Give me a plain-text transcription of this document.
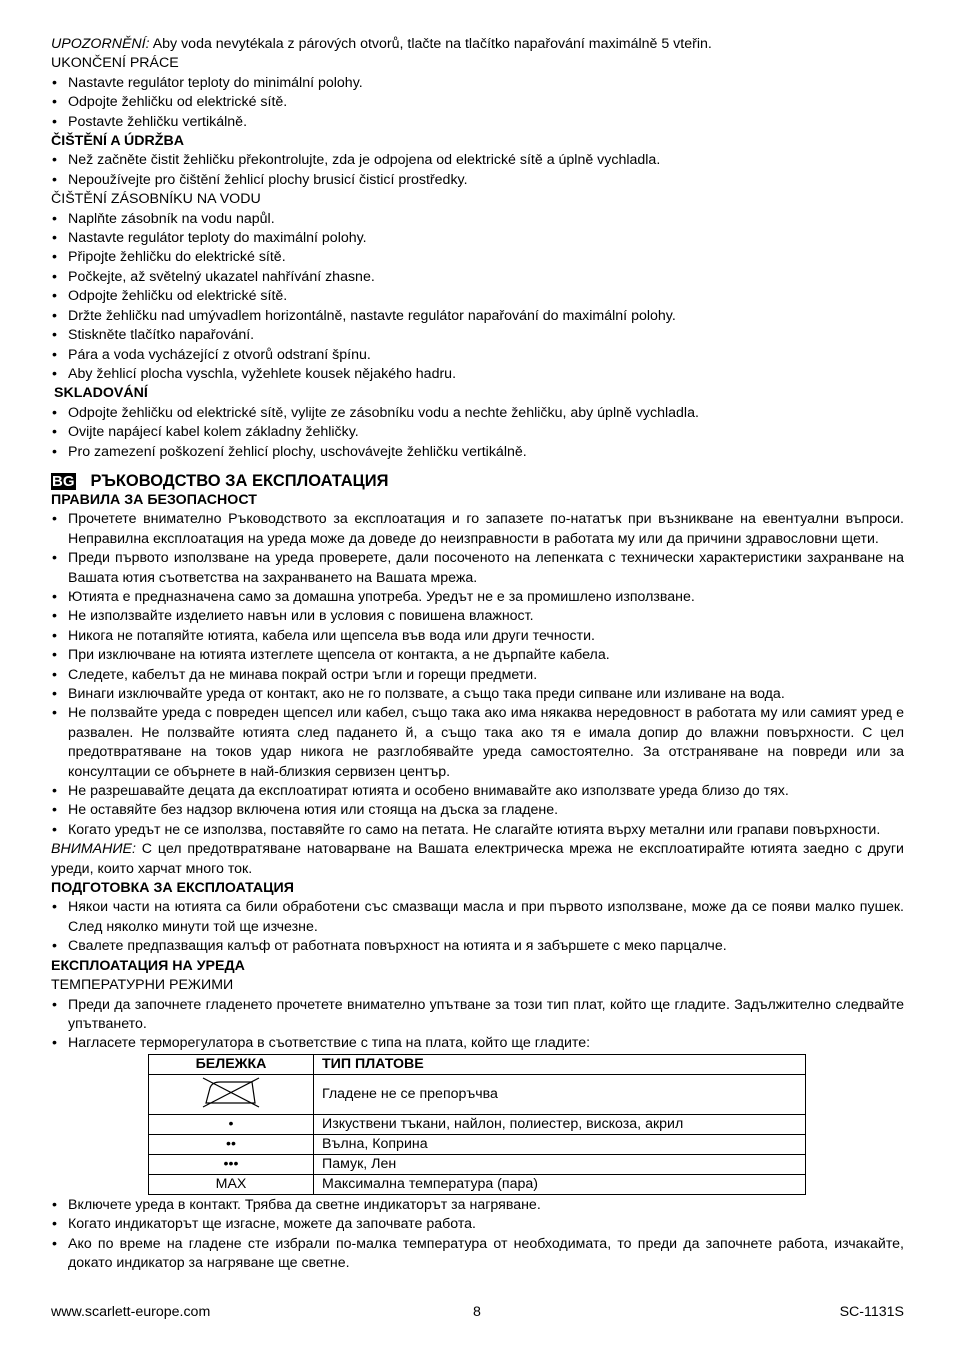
UPOZORNĚNÍ: Aby voda nevytékala z párových otvorů, tlačte na tlačítko napařování maximálně 5 vteřin.

UKONČENÍ PRÁCE

• Nastavte regulátor teploty do minimální polohy.
• Odpojte žehličku od elektrické sítě.
• Postavte žehličku vertikálně.

ČIŠTĚNÍ A ÚDRŽBA

• Než začněte čistit žehličku překontrolujte, zda je odpojena od elektrické sítě a úplně vychladla.
• Nepoužívejte pro čištění žehlicí plochy brusicí čisticí prostředky.

ČIŠTĚNÍ ZÁSOBNÍKU NA VODU

• Naplňte zásobník na vodu napůl.
• Nastavte regulátor teploty do maximální polohy.
• Připojte žehličku do elektrické sítě.
• Počkejte, až světelný ukazatel nahřívání zhasne.
• Odpojte žehličku od elektrické sítě.
• Držte žehličku nad umývadlem horizontálně, nastavte regulátor napařování do maximální polohy.
• Stiskněte tlačítko napařování.
• Pára a voda vycházející z otvorů odstraní špínu.
• Aby žehlicí plocha vyschla, vyžehlete kousek nějakého hadru.

SKLADOVÁNÍ

• Odpojte žehličku od elektrické sítě, vylijte ze zásobníku vodu a nechte žehličku, aby úplně vychladla.
• Ovijte napájecí kabel kolem základny žehličky.
• Pro zamezení poškození žehlicí plochy, uschovávejte žehličku vertikálně.
BG РЪКОВОДСТВО ЗА ЕКСПЛОАТАЦИЯ

ПРАВИЛА ЗА БЕЗОПАСНОСТ

• Прочетете внимателно Ръководството за експлоатация и го запазете по-нататък при възникване на евентуални въпроси. Неправилна експлоатация на уреда може да доведе до неизправности в работата му или да причини здравословни щети.
• Преди първото използване на уреда проверете, дали посоченото на лепенката с технически характеристики захранване на Вашата ютия съответства на захранването на Вашата мрежа.
• Ютията е предназначена само за домашна употреба. Уредът не е за промишлено използване.
• Не използвайте изделието навън или в условия с повишена влажност.
• Никога не потапяйте ютията, кабела или щепсела във вода или други течности.
• При изключване на ютията изтеглете щепсела от контакта, а не дърпайте кабела.
• Следете, кабелът да не минава покрай остри ъгли и горещи предмети.
• Винаги изключвайте уреда от контакт, ако не го ползвате, а също така преди сипване или изливане на вода.
• Не ползвайте уреда с повреден щепсел или кабел, също така ако има някаква нередовност в работата му или самият уред е развален. Не ползвайте ютията след падането й, а също така ако тя е имала допир до влажни повърхности. С цел предотвратяване на токов удар никога не разглобявайте уреда самостоятелно. За отстраняване на повреди или за консултации се обърнете в най-близкия сервизен център.
• Не разрешавайте децата да експлоатират ютията и особено внимавайте ако използвате уреда близо до тях.
• Не оставяйте без надзор включена ютия или стояща на дъска за гладене.
• Когато уредът не се използва, поставяйте го само на петата. Не слагайте ютията върху метални или грапави повърхности.

ВНИМАНИЕ: С цел предотвратяване натоварване на Вашата електрическа мрежа не експлоатирайте ютията заедно с други уреди, които харчат много ток.

ПОДГОТОВКА ЗА ЕКСПЛОАТАЦИЯ

• Някои части на ютията са били обработени със смазващи масла и при първото използване, може да се появи малко пушек. След няколко минути той ще изчезне.
• Свалете предпазващия калъф от работната повърхност на ютията и я забършете с меко парцалче.

ЕКСПЛОАТАЦИЯ НА УРЕДА

ТЕМПЕРАТУРНИ РЕЖИМИ

• Преди да започнете гладенето прочетете внимателно упътване за този тип плат, който ще гладите. Задължително следвайте упътването.
• Нагласете терморегулатора в съответствие с типа на плата, който ще гладите:
БЕЛЕЖКА	ТИП ПЛАТОВЕ
	Гладене не се препоръчва
•	Изкуствени тъкани, найлон, полиестер, вискоза, акрил
••	Вълна, Коприна
•••	Памук, Лен
MAX	Максимална температура (пара)
• Включете уреда в контакт. Трябва да светне индикаторът за нагряване.
• Когато индикаторът ще изгасне, можете да започвате работа.
• Ако по време на гладене сте избрали по-малка температура от необходимата, то преди да започнете работа, изчакайте, докато индикатор за нагряване ще светне.
www.scarlett-europe.com	8	SC-1131S
